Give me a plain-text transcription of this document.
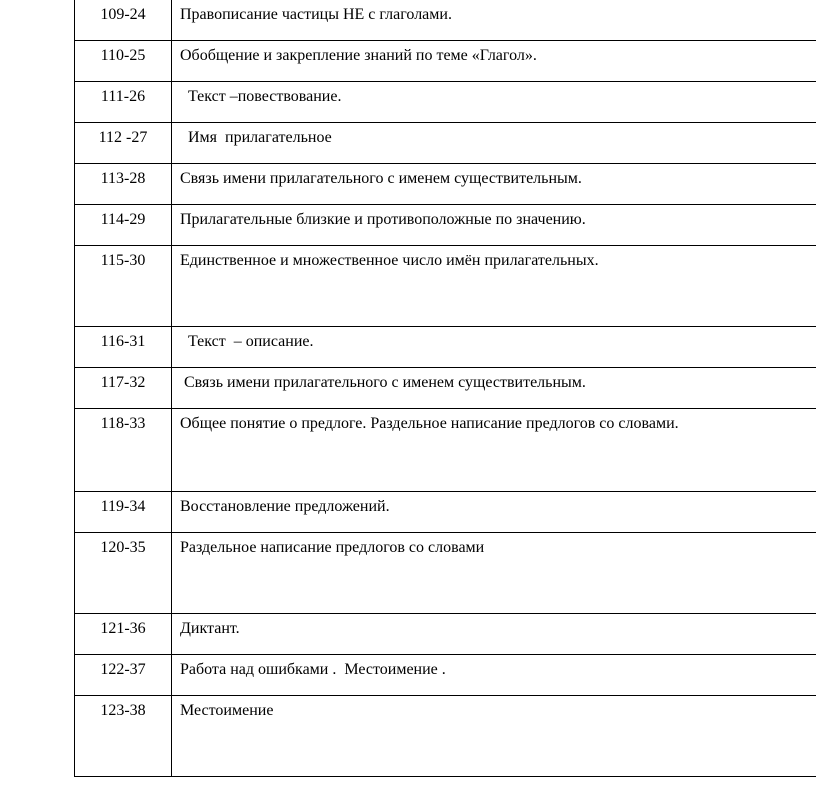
109-24	Правописание частицы НЕ с глаголами.
110-25	Обобщение и закрепление знаний по теме «Глагол».
111-26	Текст –повествование.
112 -27	Имя  прилагательное
113-28	Связь имени прилагательного с именем существительным.
114-29	Прилагательные близкие и противоположные по значению.
115-30	Единственное и множественное число имён прилагательных.
116-31	Текст  – описание.
117-32	Связь имени прилагательного с именем существительным.
118-33	Общее понятие о предлоге. Раздельное написание предлогов со словами.
119-34	Восстановление предложений.
120-35	Раздельное написание предлогов со словами
121-36	Диктант.
122-37	Работа над ошибками .  Местоимение .
123-38	Местоимение
